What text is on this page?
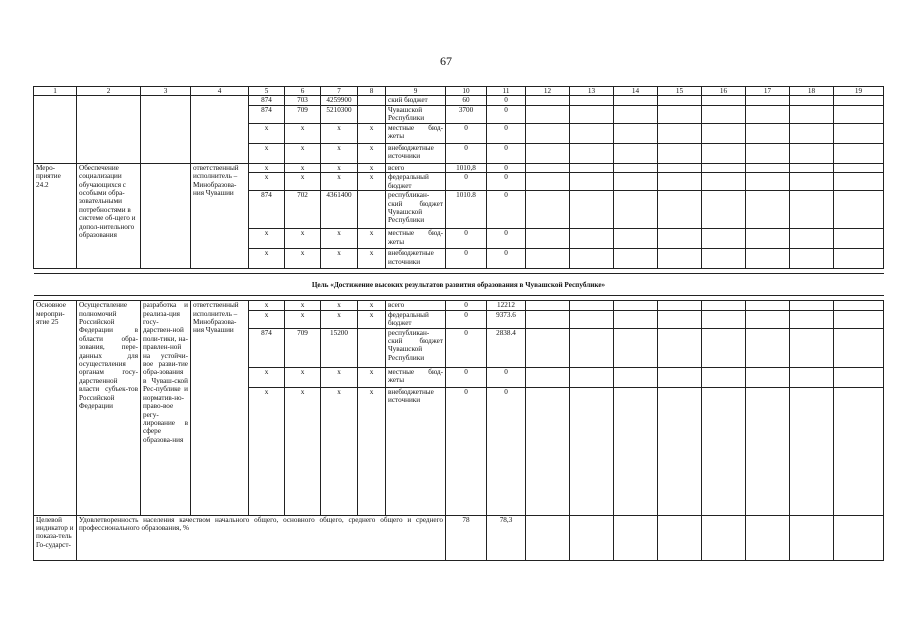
67
1	2	3	4	5	6	7	8	9	10	11	12	13	14	15	16	17	18	19
				874	703	4259900		ский бюджет	60	0								
				874	709	5210300		Чувашской Республики	3700	0								
				x	x	x	x	местные бюд-жеты	0	0								
				x	x	x	x	внебюджетные источники	0	0								
Меро-приятие 24.2	Обеспечение социализации обучающихся с особыми обра-зовательными потребностями в системе об-щего и допол-нительного образования		ответственный исполнитель – Минобразова-ния Чувашии	x	x	x	x	всего	1010,8	0								
				x	x	x	x	федеральный бюджет	0	0								
				874	702	4361400		республикан-ский бюджет Чувашской Республики	1010.8	0								
				x	x	x	x	местные бюд-жеты	0	0								
				x	x	x	x	внебюджетные источники	0	0								

Цель «Достижение высоких результатов развития образования в Чувашской Республике»																		

Основное меропри-ятие 25	Осуществление полномочий Российской Федерации в области обра-зования, пере-данных для осуществления органам госу-дарственной власти субъек-тов Российской Федерации	разработка и реализа-ция госу-дарствен-ной поли-тики, на-правлен-ной на устойчи-вое разви-тие обра-зования в Чуваш-ской Рес-публике и норматив-но-право-вое регу-лирование в сфере образова-ния	ответственный исполнитель – Минобразова-ния Чувашии	x	x	x	x	всего	0	12212								
				x	x	x	x	федеральный бюджет	0	9373.6								
				874	709	15200		республикан-ский бюджет Чувашской Республики	0	2838.4								
				x	x	x	x	местные бюд-жеты	0	0								
				x	x	x	x	внебюджетные источники	0	0								
Целевой индикатор и показа-тель Го-сударст-	Удовлетворенность населения качеством начального общего, основного общего, среднего общего и среднего профессионального образования, %								78	78,3								
